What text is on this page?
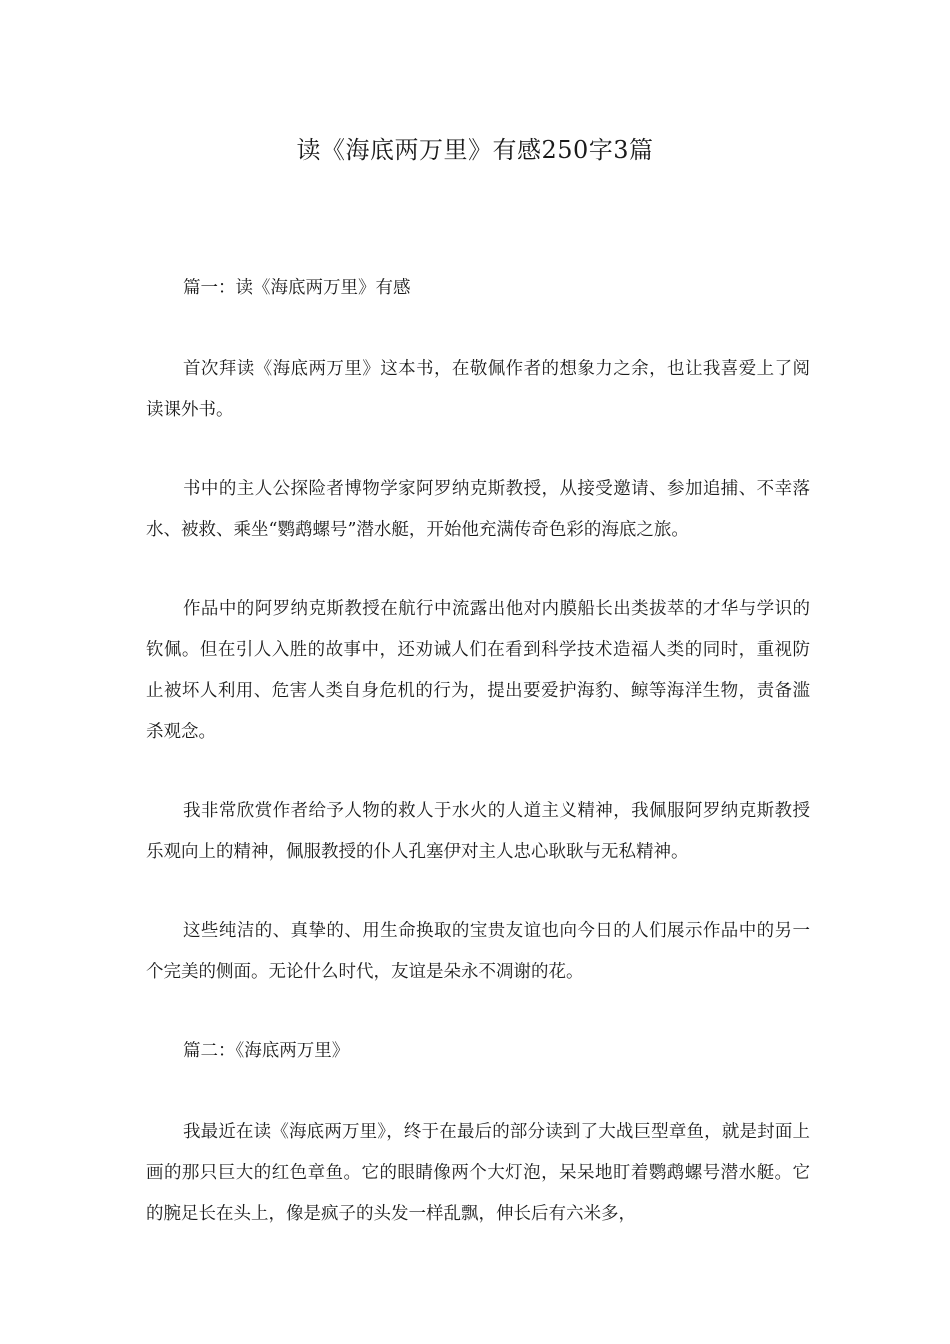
读《海底两万里》有感250字3篇

篇一：读《海底两万里》有感

首次拜读《海底两万里》这本书，在敬佩作者的想象力之余，也让我喜爱上了阅读课外书。

书中的主人公探险者博物学家阿罗纳克斯教授，从接受邀请、参加追捕、不幸落水、被救、乘坐“鹦鹉螺号”潜水艇，开始他充满传奇色彩的海底之旅。

作品中的阿罗纳克斯教授在航行中流露出他对内膜船长出类拔萃的才华与学识的钦佩。但在引人入胜的故事中，还劝诫人们在看到科学技术造福人类的同时，重视防止被坏人利用、危害人类自身危机的行为，提出要爱护海豹、鲸等海洋生物，责备滥杀观念。

我非常欣赏作者给予人物的救人于水火的人道主义精神，我佩服阿罗纳克斯教授乐观向上的精神，佩服教授的仆人孔塞伊对主人忠心耿耿与无私精神。

这些纯洁的、真挚的、用生命换取的宝贵友谊也向今日的人们展示作品中的另一个完美的侧面。无论什么时代，友谊是朵永不凋谢的花。

篇二：《海底两万里》

我最近在读《海底两万里》，终于在最后的部分读到了大战巨型章鱼，就是封面上画的那只巨大的红色章鱼。它的眼睛像两个大灯泡，呆呆地盯着鹦鹉螺号潜水艇。它的腕足长在头上，像是疯子的头发一样乱飘，伸长后有六米多，
